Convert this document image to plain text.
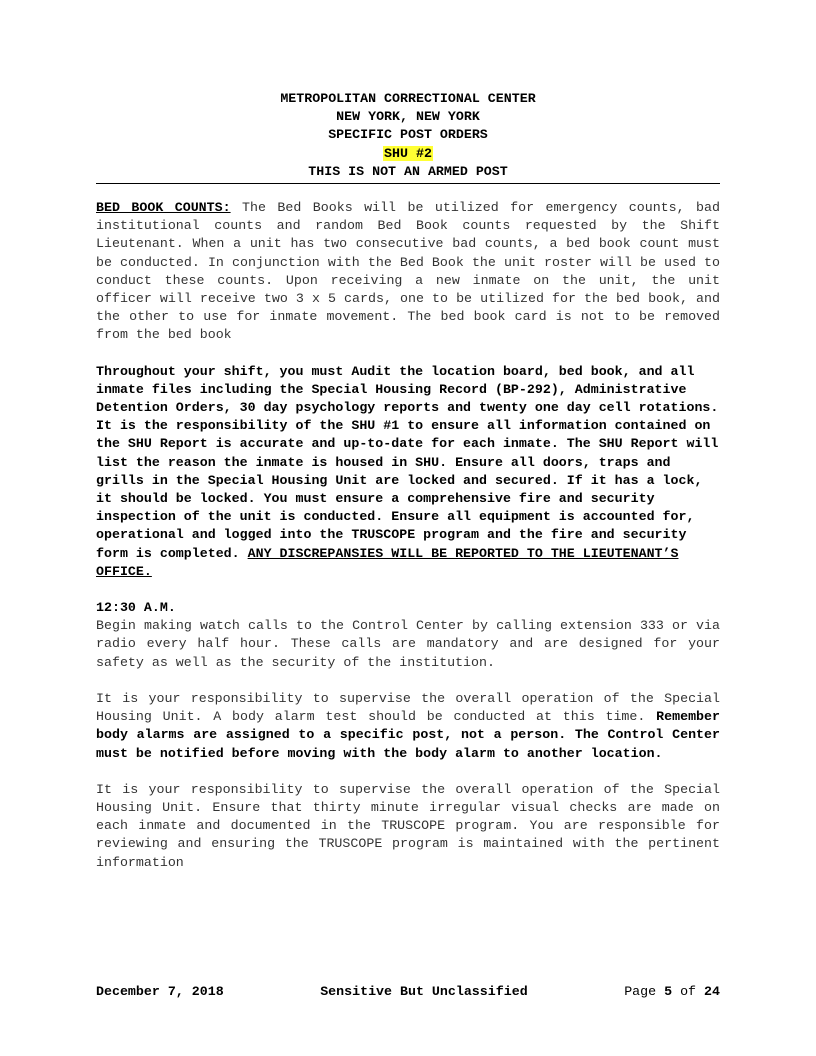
METROPOLITAN CORRECTIONAL CENTER
NEW YORK, NEW YORK
SPECIFIC POST ORDERS
SHU #2
THIS IS NOT AN ARMED POST

BED BOOK COUNTS: The Bed Books will be utilized for emergency counts, bad institutional counts and random Bed Book counts requested by the Shift Lieutenant. When a unit has two consecutive bad counts, a bed book count must be conducted. In conjunction with the Bed Book the unit roster will be used to conduct these counts. Upon receiving a new inmate on the unit, the unit officer will receive two 3 x 5 cards, one to be utilized for the bed book, and the other to use for inmate movement. The bed book card is not to be removed from the bed book

Throughout your shift, you must Audit the location board, bed book, and all inmate files including the Special Housing Record (BP-292), Administrative Detention Orders, 30 day psychology reports and twenty one day cell rotations. It is the responsibility of the SHU #1 to ensure all information contained on the SHU Report is accurate and up-to-date for each inmate. The SHU Report will list the reason the inmate is housed in SHU. Ensure all doors, traps and grills in the Special Housing Unit are locked and secured. If it has a lock, it should be locked. You must ensure a comprehensive fire and security inspection of the unit is conducted. Ensure all equipment is accounted for, operational and logged into the TRUSCOPE program and the fire and security form is completed. ANY DISCREPANSIES WILL BE REPORTED TO THE LIEUTENANT’S OFFICE.

12:30 A.M.

Begin making watch calls to the Control Center by calling extension 333 or via radio every half hour. These calls are mandatory and are designed for your safety as well as the security of the institution.

It is your responsibility to supervise the overall operation of the Special Housing Unit. A body alarm test should be conducted at this time. Remember body alarms are assigned to a specific post, not a person. The Control Center must be notified before moving with the body alarm to another location.

It is your responsibility to supervise the overall operation of the Special Housing Unit. Ensure that thirty minute irregular visual checks are made on each inmate and documented in the TRUSCOPE program. You are responsible for reviewing and ensuring the TRUSCOPE program is maintained with the pertinent information

December 7, 2018	Sensitive But Unclassified	Page 5 of 24
